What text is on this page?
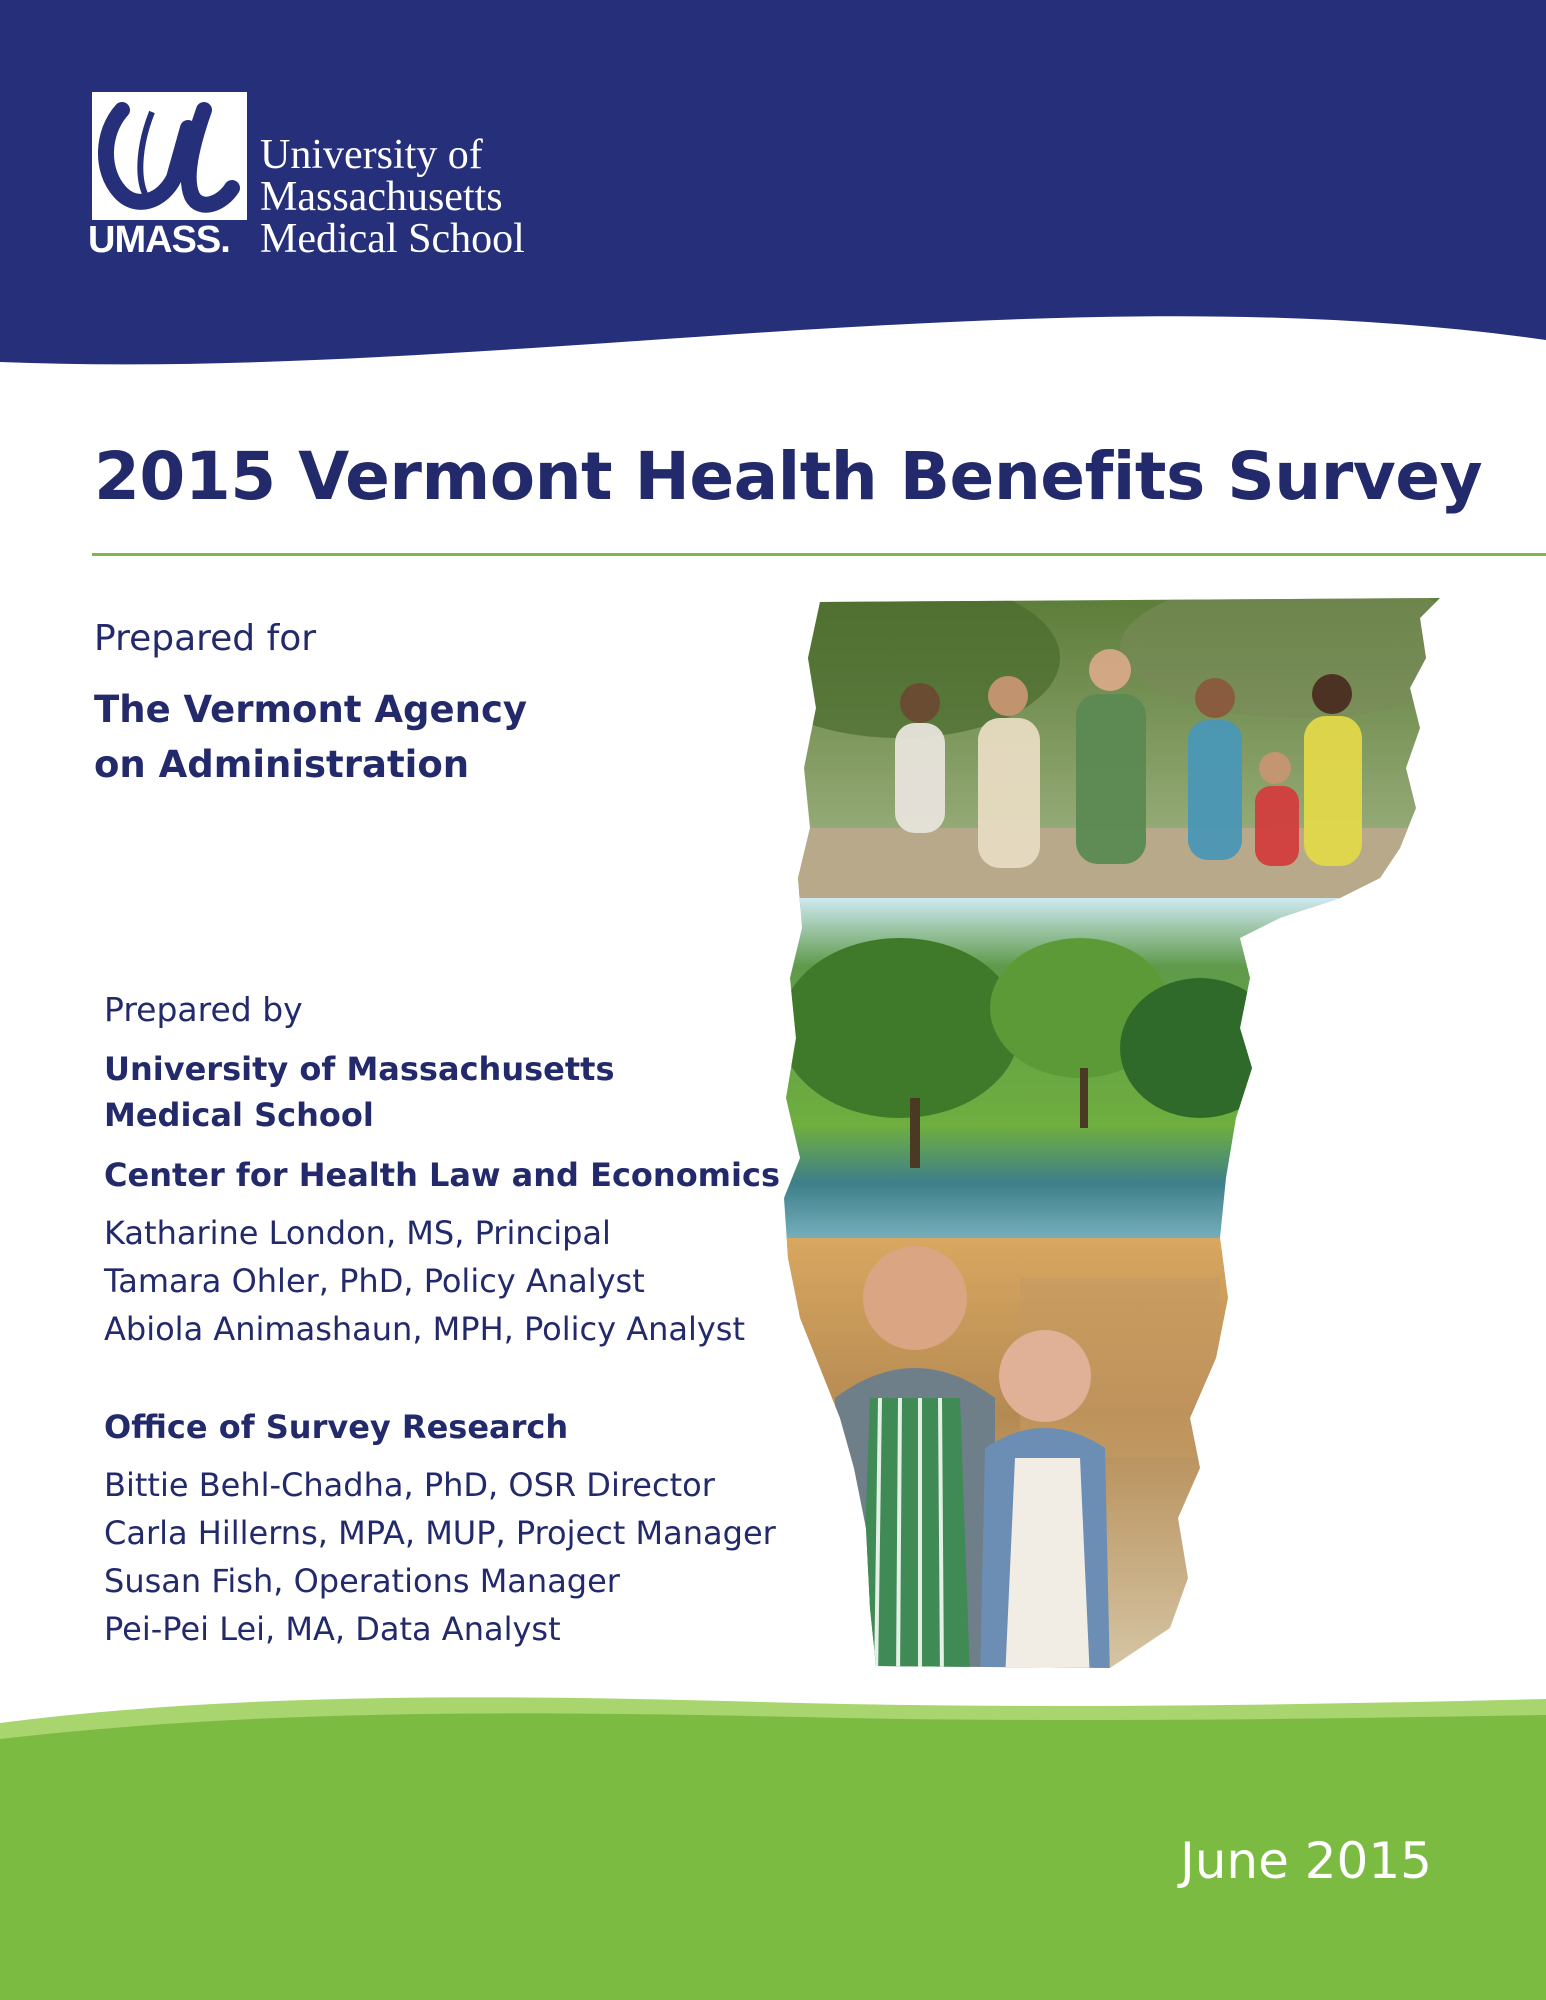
UMASS.
University of
Massachusetts
Medical School
2015 Vermont Health Benefits Survey
Prepared for
The Vermont Agency
on Administration
Prepared by
University of Massachusetts
Medical School
Center for Health Law and Economics
Katharine London, MS, Principal
Tamara Ohler, PhD, Policy Analyst
Abiola Animashaun, MPH, Policy Analyst
Office of Survey Research
Bittie Behl-Chadha, PhD, OSR Director
Carla Hillerns, MPA, MUP, Project Manager
Susan Fish, Operations Manager
Pei-Pei Lei, MA, Data Analyst
June 2015
